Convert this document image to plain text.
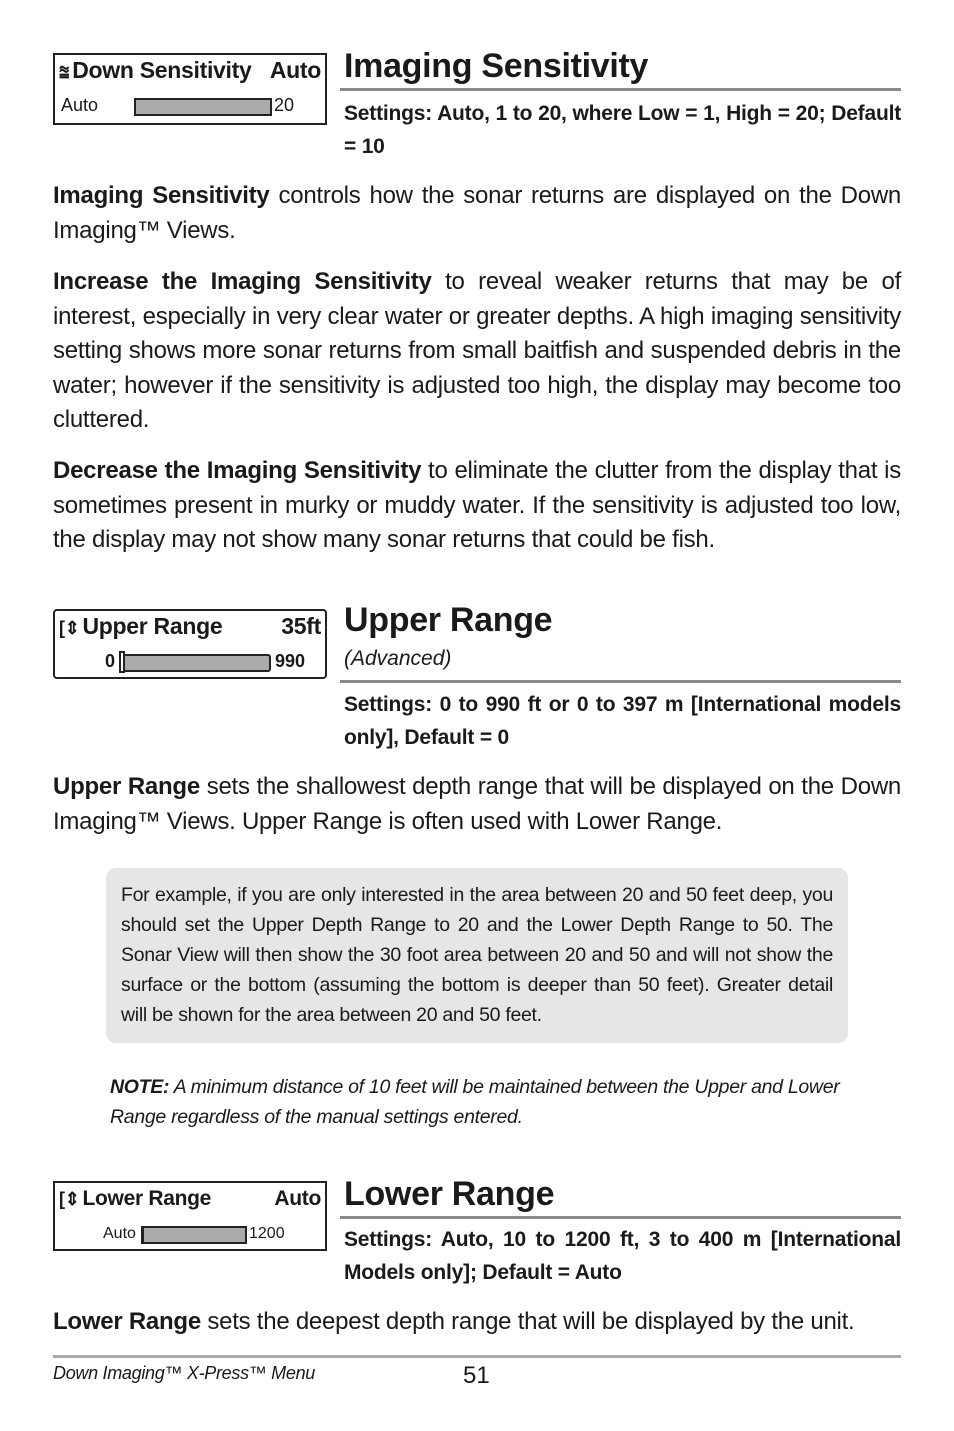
⩰ Down Sensitivity Auto
Auto	20
Imaging Sensitivity
Settings: Auto, 1 to 20, where Low = 1, High = 20; Default = 10
Imaging Sensitivity controls how the sonar returns are displayed on the Down Imaging™ Views.
Increase the Imaging Sensitivity to reveal weaker returns that may be of interest, especially in very clear water or greater depths. A high imaging sensitivity setting shows more sonar returns from small baitfish and suspended debris in the water; however if the sensitivity is adjusted too high, the display may become too cluttered.
Decrease the Imaging Sensitivity to eliminate the clutter from the display that is sometimes present in murky or muddy water. If the sensitivity is adjusted too low, the display may not show many sonar returns that could be fish.
[⇕ Upper Range	35ft
0	990
Upper Range
(Advanced)
Settings: 0 to 990 ft or 0 to 397 m [International models only], Default = 0
Upper Range sets the shallowest depth range that will be displayed on the Down Imaging™ Views. Upper Range is often used with Lower Range.
For example, if you are only interested in the area between 20 and 50 feet deep, you should set the Upper Depth Range to 20 and the Lower Depth Range to 50. The Sonar View will then show the 30 foot area between 20 and 50 and will not show the surface or the bottom (assuming the bottom is deeper than 50 feet). Greater detail will be shown for the area between 20 and 50 feet.
NOTE: A minimum distance of 10 feet will be maintained between the Upper and Lower Range regardless of the manual settings entered.
[⇕ Lower Range	Auto
Auto	1200
Lower Range
Settings: Auto, 10 to 1200 ft, 3 to 400 m [International Models only]; Default = Auto
Lower Range sets the deepest depth range that will be displayed by the unit.
Down Imaging™ X-Press™ Menu	51
